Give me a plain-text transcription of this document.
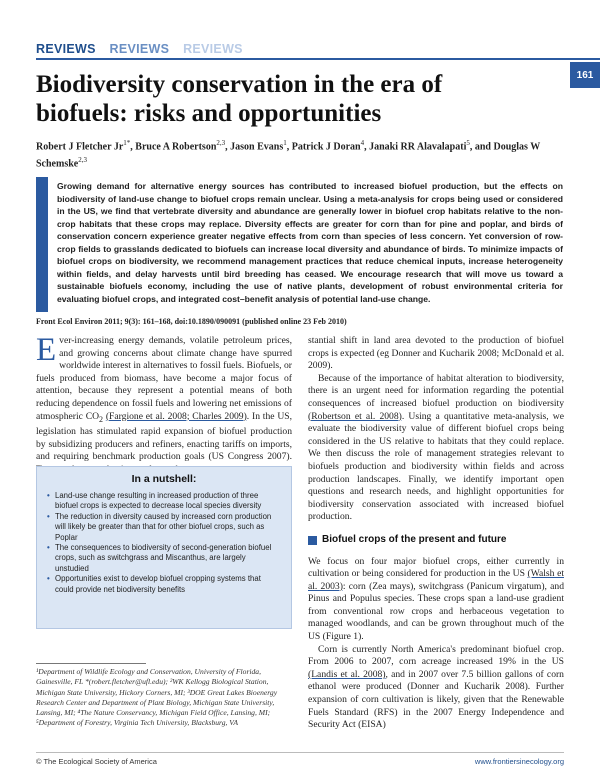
REVIEWS REVIEWS REVIEWS
161
Biodiversity conservation in the era of biofuels: risks and opportunities
Robert J Fletcher $Jr^{1*}$, Bruce A Robertson$^{2,3}$, Jason Evans$^1$, Patrick J Doran$^4$, Janaki RR Alavalapati$^5$, and Douglas W Schemske$^{2,3}$
Growing demand for alternative energy sources has contributed to increased biofuel production, but the effects on biodiversity of land-use change to biofuel crops remain unclear. Using a meta-analysis for crops being used or considered in the US, we find that vertebrate diversity and abundance are generally lower in biofuel crop habitats relative to the non-crop habitats that these crops may replace. Diversity effects are greater for corn than for pine and poplar, and birds of conservation concern experience greater negative effects from corn than species of less concern. Yet conversion of row-crop fields to grasslands dedicated to biofuels can increase local diversity and abundance of birds. To minimize impacts of biofuel crops on biodiversity, we recommend management practices that reduce chemical inputs, increase heterogeneity within fields, and delay harvests until bird breeding has ceased. We encourage research that will move us toward a sustainable biofuels economy, including the use of native plants, development of robust environmental criteria for evaluating biofuel crops, and integrated cost–benefit analysis of potential land-use change.
Front Ecol Environ 2011; 9(3): 161–168, doi:10.1890/090091 (published online 23 Feb 2010)

Ever-increasing energy demands, volatile petroleum prices, and growing concerns about climate change have spurred worldwide interest in alternatives to fossil fuels. Biofuels, or fuels produced from biomass, have become a major focus of attention, because they represent a potential means of both reducing dependence on fossil fuels and lowering net emissions of atmospheric $CO_2$ (Fargione et al. 2008; Charles 2009). In the US, legislation has stimulated rapid expansion of biofuel production by subsidizing producers and refiners, enacting tariffs on imports, and requiring benchmark production goals (US Congress 2007).

In a nutshell:
• Land-use change resulting in increased production of three biofuel crops is expected to decrease local species diversity
• The reduction in diversity caused by increased corn production will likely be greater than that for other biofuel crops, such as Poplar
• The consequences to biodiversity of second-generation biofuel crops, such as switchgrass and Miscanthus, are largely unstudied
• Opportunities exist to develop biofuel cropping systems that could provide net biodiversity benefits
¹Department of Wildlife Ecology and Conservation, University of Florida, Gainesville, FL *(robert.fletcher@ufl.edu); ²WK Kellogg Biological Station, Michigan State University, Hickory Corners, MI; ³DOE Great Lakes Bioenergy Research Center and Department of Plant Biology, Michigan State University, Lansing, MI; ⁴The Nature Conservancy, Michigan Field Office, Lansing, MI; ⁵Department of Forestry, Virginia Tech University, Blacksburg, VA

stantial shift in land area devoted to the production of biofuel crops is expected (eg Donner and Kucharik 2008; McDonald et al. 2009).

Because of the importance of habitat alteration to biodiversity, there is an urgent need for information regarding the potential consequences of increased biofuel production on biodiversity (Robertson et al. 2008). Using a quantitative meta-analysis, we evaluate the biodiversity value of different biofuel crops being considered in the US relative to habitats that they could replace. We then discuss the role of management strategies relevant to biofuels production and biodiversity within fields and across production landscapes. Finally, we identify important open questions and research needs, and highlight opportunities for biodiversity conservation associated with increased biofuel production.

Biofuel crops of the present and future

We focus on four major biofuel crops, either currently in cultivation or being considered for production in the US (Walsh et al. 2003): corn (Zea mays), switchgrass (Panicum virgatum), and Pinus and Populus species. These crops span a land-use gradient from conventional row crops and herbaceous vegetation to managed woodlands, and can be grown throughout much of the US (Figure 1).

Corn is currently North America's predominant biofuel crop. From 2006 to 2007, corn acreage increased 19% in the US (Landis et al. 2008), and in 2007 over 7.5 billion gallons of corn ethanol were produced (Donner and Kucharik 2008). Further expansion of corn cultivation is likely, given that the Renewable Fuels Standard (RFS) in the 2007 Energy Independence and Security Act (EISA)

© The Ecological Society of America	www.frontiersinecology.org
